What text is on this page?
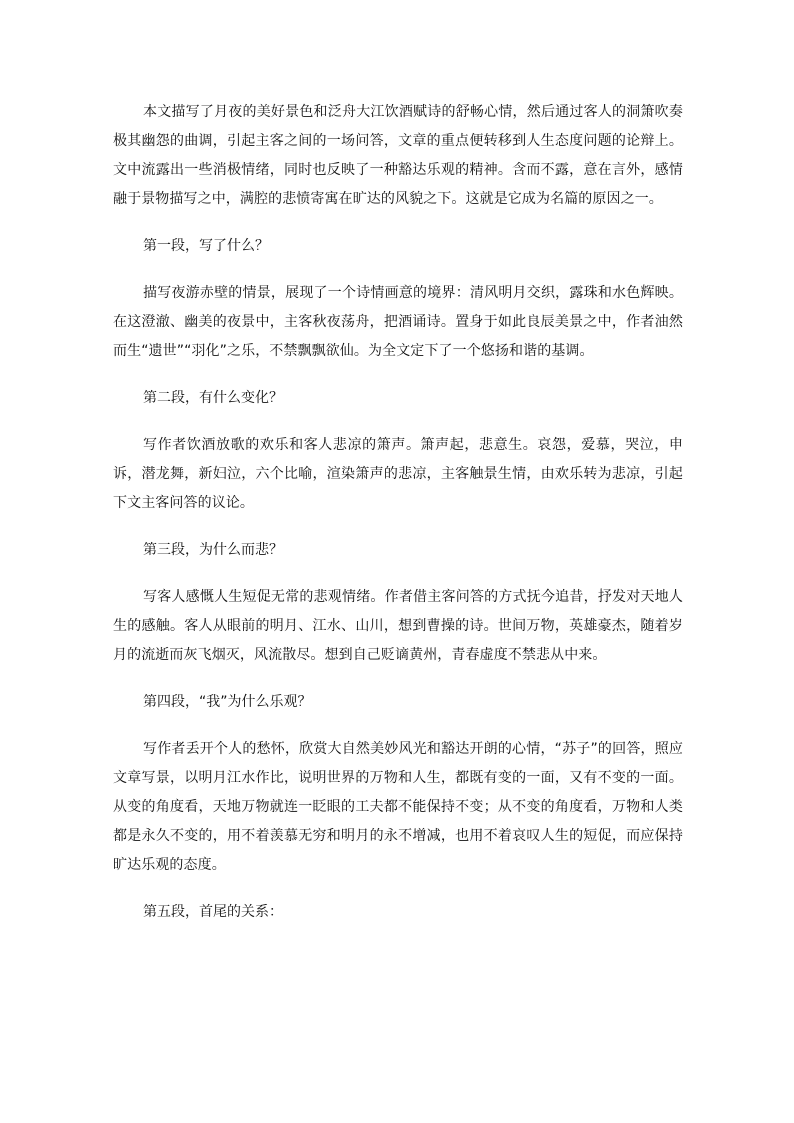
本文描写了月夜的美好景色和泛舟大江饮酒赋诗的舒畅心情，然后通过客人的洞箫吹奏极其幽怨的曲调，引起主客之间的一场问答，文章的重点便转移到人生态度问题的论辩上。文中流露出一些消极情绪，同时也反映了一种豁达乐观的精神。含而不露，意在言外，感情融于景物描写之中，满腔的悲愤寄寓在旷达的风貌之下。这就是它成为名篇的原因之一。

第一段，写了什么？

描写夜游赤壁的情景，展现了一个诗情画意的境界：清风明月交织，露珠和水色辉映。在这澄澈、幽美的夜景中，主客秋夜荡舟，把酒诵诗。置身于如此良辰美景之中，作者油然而生“遗世”“羽化”之乐，不禁飘飘欲仙。为全文定下了一个悠扬和谐的基调。

第二段，有什么变化？

写作者饮酒放歌的欢乐和客人悲凉的箫声。箫声起，悲意生。哀怨，爱慕，哭泣，申诉，潜龙舞，新妇泣，六个比喻，渲染箫声的悲凉，主客触景生情，由欢乐转为悲凉，引起下文主客问答的议论。

第三段，为什么而悲？

写客人感慨人生短促无常的悲观情绪。作者借主客问答的方式抚今追昔，抒发对天地人生的感触。客人从眼前的明月、江水、山川，想到曹操的诗。世间万物，英雄豪杰，随着岁月的流逝而灰飞烟灭，风流散尽。想到自己贬谪黄州，青春虚度不禁悲从中来。

第四段，“我”为什么乐观？

写作者丢开个人的愁怀，欣赏大自然美妙风光和豁达开朗的心情，“苏子”的回答，照应文章写景，以明月江水作比，说明世界的万物和人生，都既有变的一面，又有不变的一面。从变的角度看，天地万物就连一眨眼的工夫都不能保持不变；从不变的角度看，万物和人类都是永久不变的，用不着羡慕无穷和明月的永不增减，也用不着哀叹人生的短促，而应保持旷达乐观的态度。

第五段，首尾的关系：
